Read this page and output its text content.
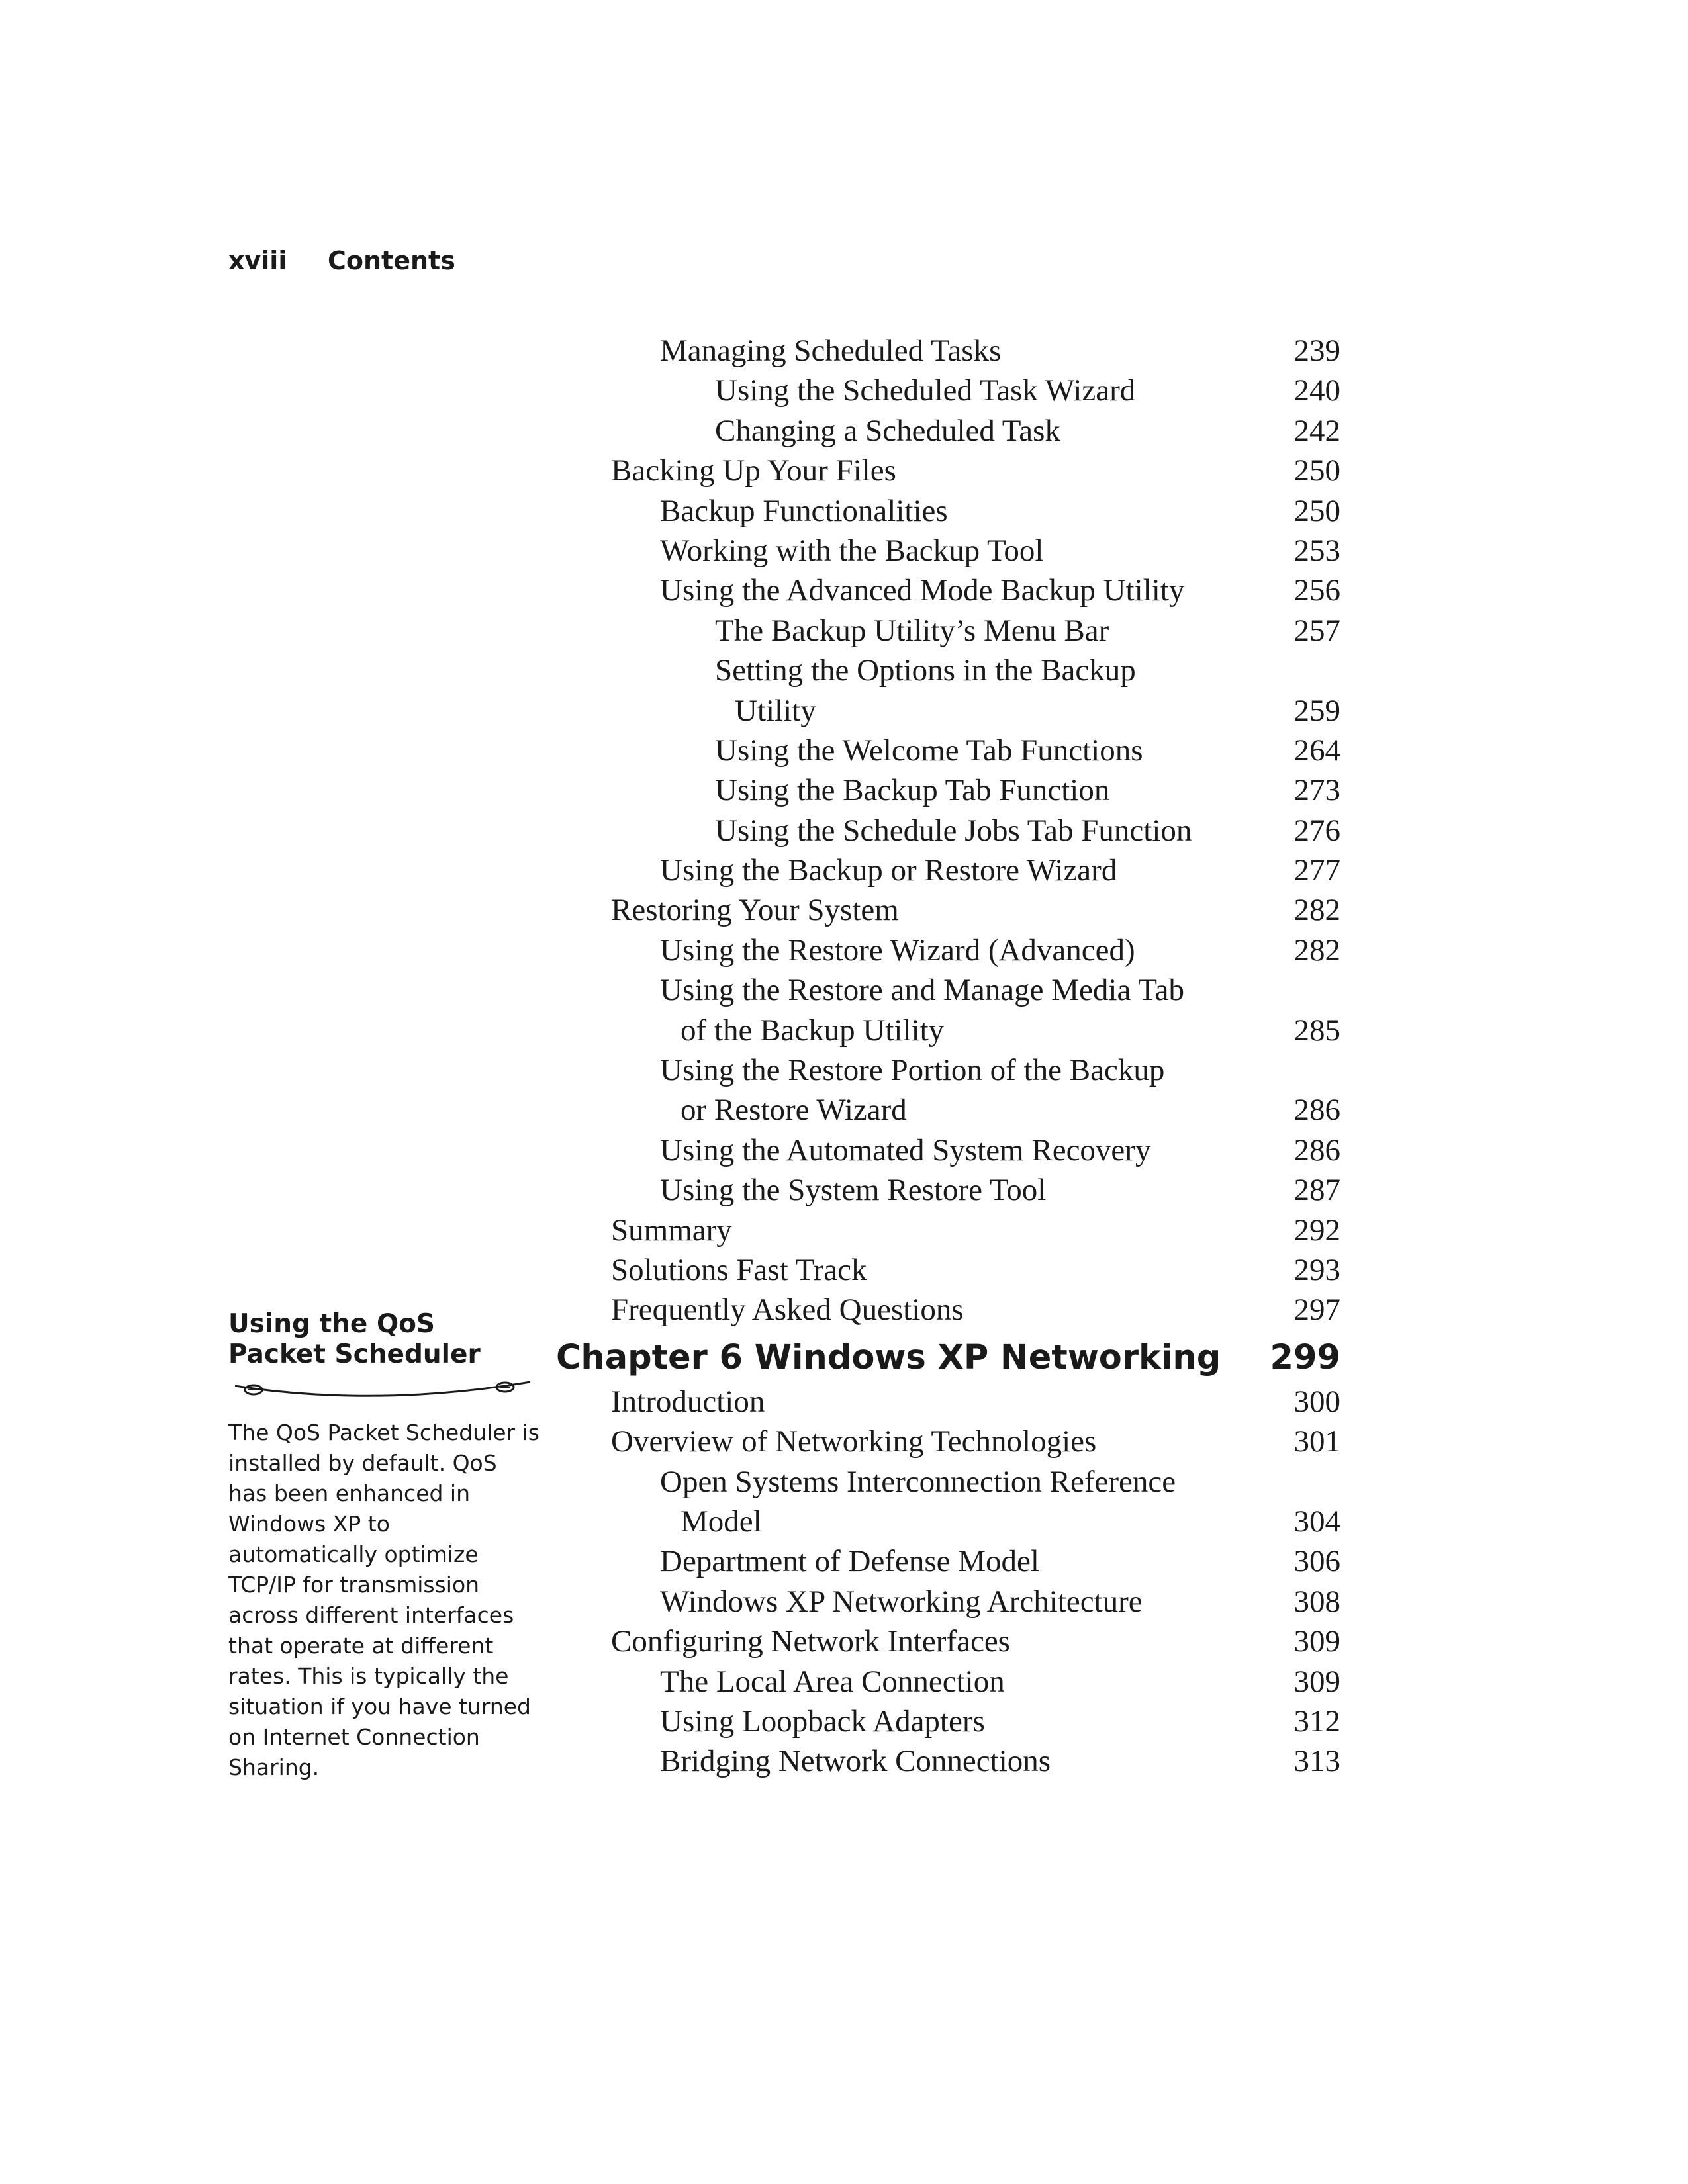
xviii Contents
Managing Scheduled Tasks	239
Using the Scheduled Task Wizard	240
Changing a Scheduled Task	242
Backing Up Your Files	250
Backup Functionalities	250
Working with the Backup Tool	253
Using the Advanced Mode Backup Utility	256
The Backup Utility’s Menu Bar	257
Setting the Options in the Backup
Utility	259
Using the Welcome Tab Functions	264
Using the Backup Tab Function	273
Using the Schedule Jobs Tab Function	276
Using the Backup or Restore Wizard	277
Restoring Your System	282
Using the Restore Wizard (Advanced)	282
Using the Restore and Manage Media Tab
of the Backup Utility	285
Using the Restore Portion of the Backup
or Restore Wizard	286
Using the Automated System Recovery	286
Using the System Restore Tool	287
Summary	292
Solutions Fast Track	293
Frequently Asked Questions	297
Chapter 6 Windows XP Networking 299
Introduction	300
Overview of Networking Technologies	301
Open Systems Interconnection Reference
Model	304
Department of Defense Model	306
Windows XP Networking Architecture	308
Configuring Network Interfaces	309
The Local Area Connection	309
Using Loopback Adapters	312
Bridging Network Connections	313

Using the QoS Packet Scheduler

The QoS Packet Scheduler is installed by default. QoS has been enhanced in Windows XP to automatically optimize TCP/IP for transmission across different interfaces that operate at different rates. This is typically the situation if you have turned on Internet Connection Sharing.
